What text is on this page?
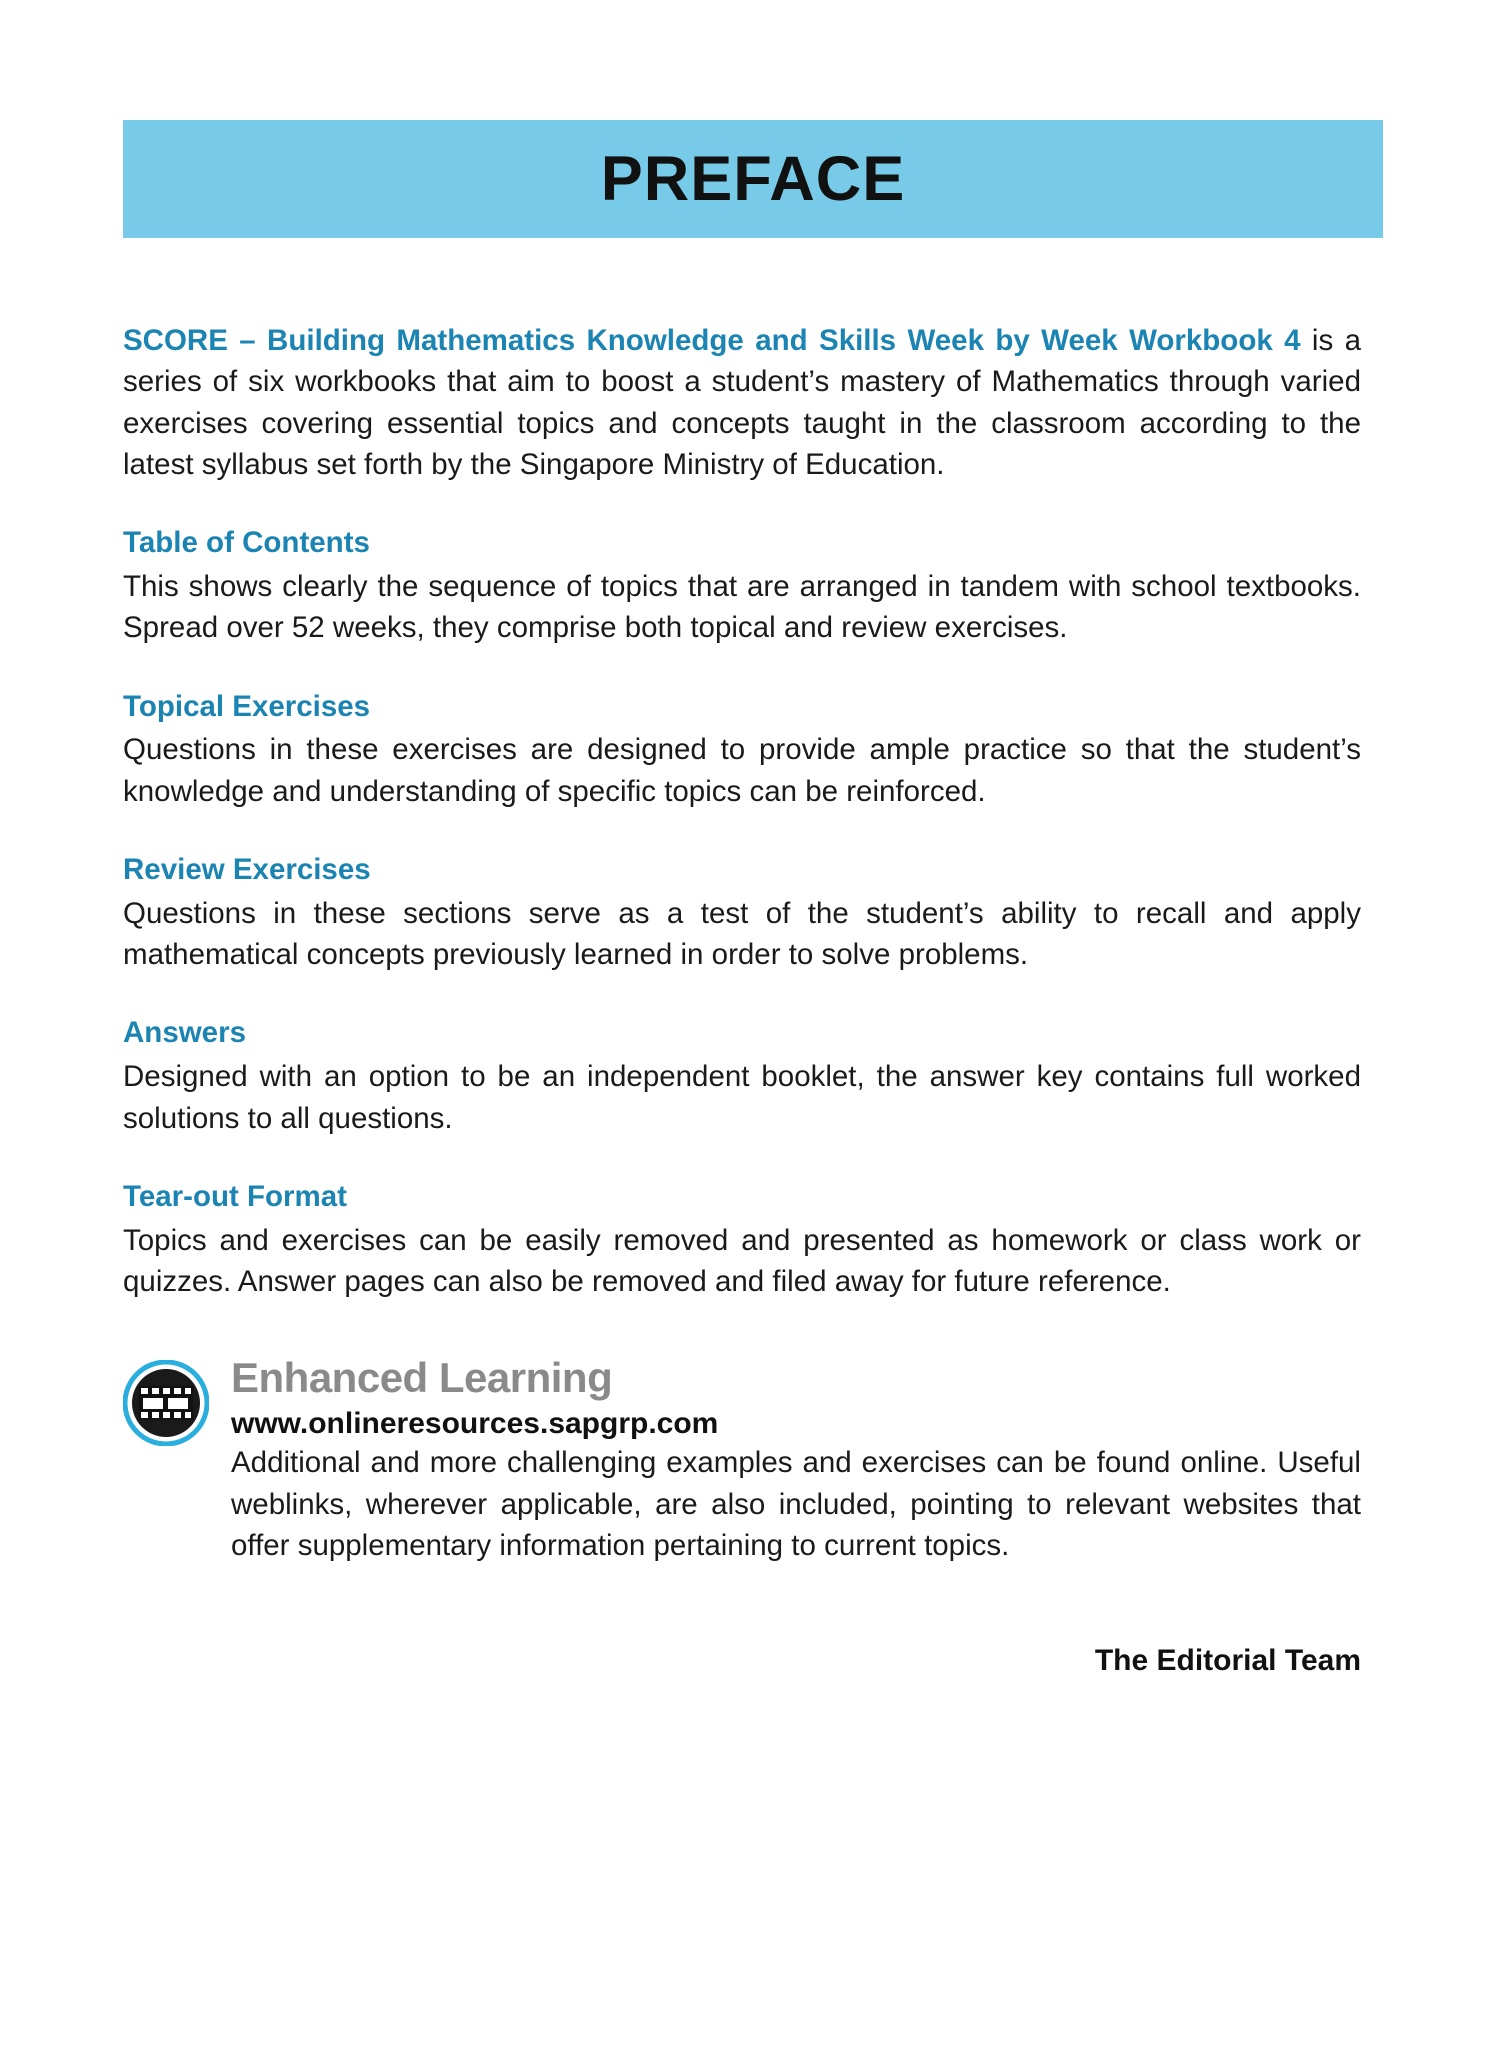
PREFACE

SCORE – Building Mathematics Knowledge and Skills Week by Week Workbook 4 is a series of six workbooks that aim to boost a student’s mastery of Mathematics through varied exercises covering essential topics and concepts taught in the classroom according to the latest syllabus set forth by the Singapore Ministry of Education.

Table of Contents

This shows clearly the sequence of topics that are arranged in tandem with school textbooks. Spread over 52 weeks, they comprise both topical and review exercises.

Topical Exercises

Questions in these exercises are designed to provide ample practice so that the student’s knowledge and understanding of specific topics can be reinforced.

Review Exercises

Questions in these sections serve as a test of the student’s ability to recall and apply mathematical concepts previously learned in order to solve problems.

Answers

Designed with an option to be an independent booklet, the answer key contains full worked solutions to all questions.

Tear-out Format

Topics and exercises can be easily removed and presented as homework or class work or quizzes. Answer pages can also be removed and filed away for future reference.

Enhanced Learning
www.onlineresources.sapgrp.com

Additional and more challenging examples and exercises can be found online. Useful weblinks, wherever applicable, are also included, pointing to relevant websites that offer supplementary information pertaining to current topics.

The Editorial Team
